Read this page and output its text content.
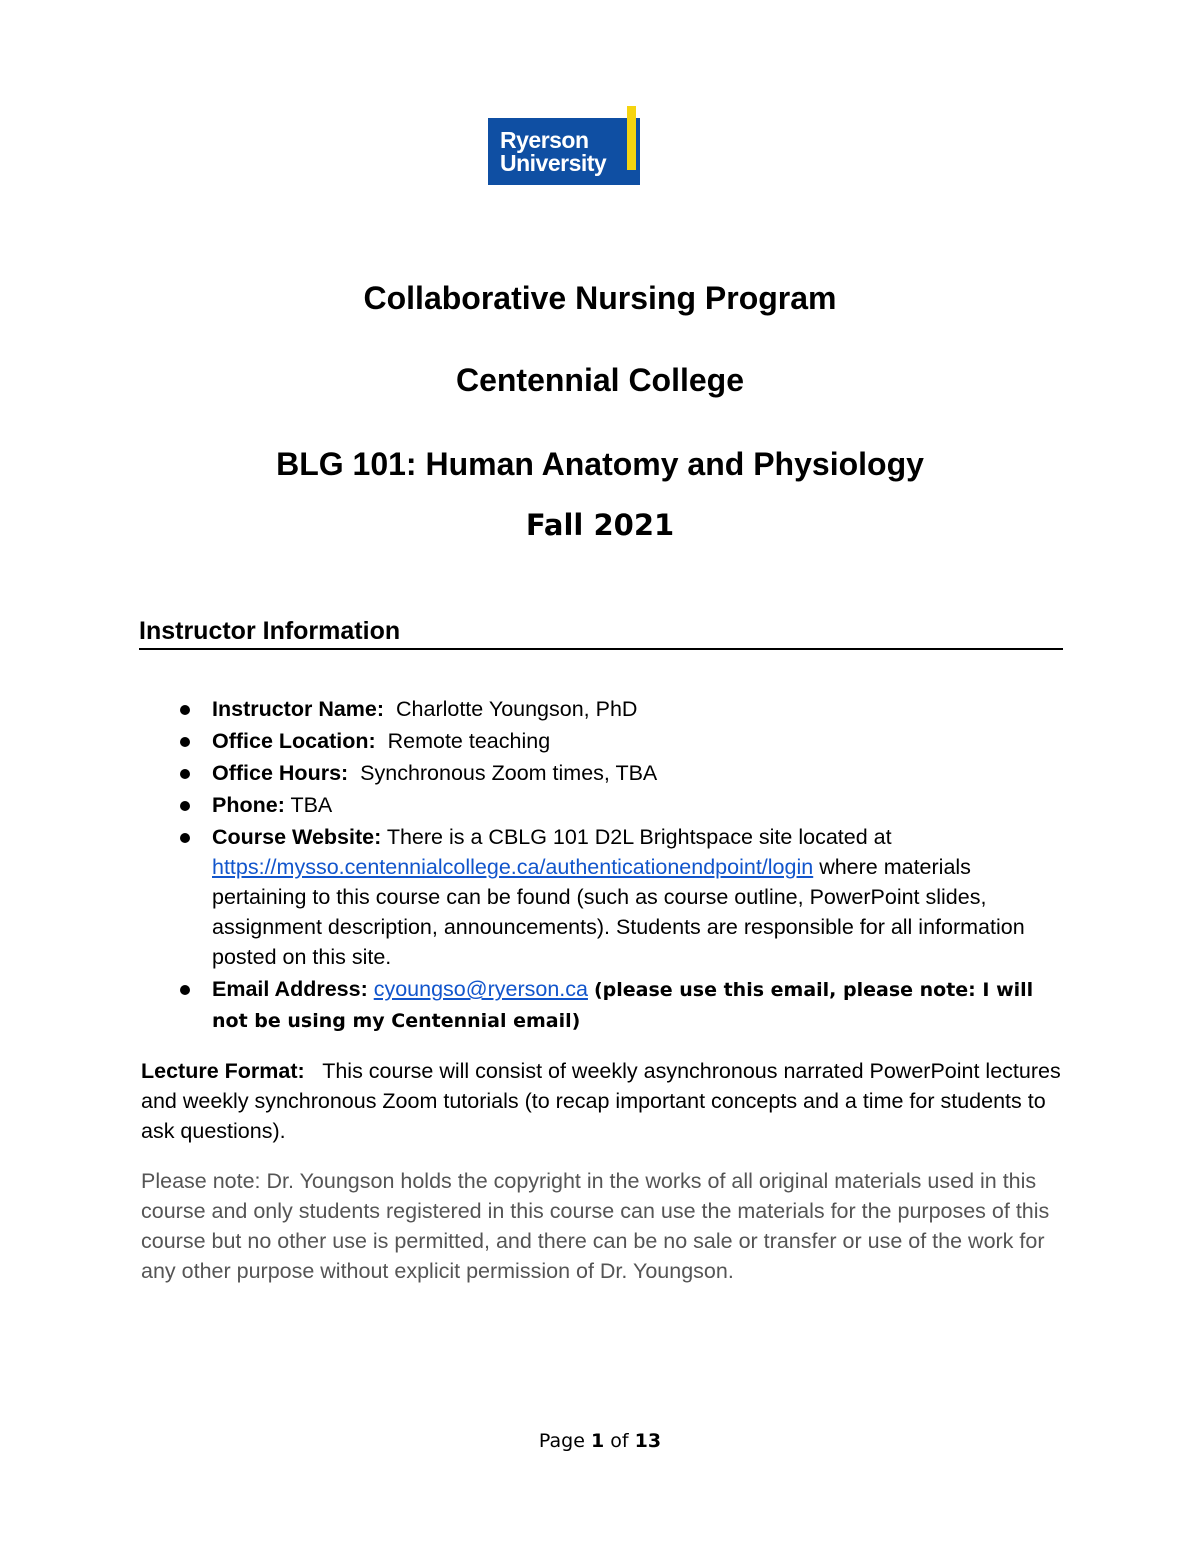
Ryerson
University
Collaborative Nursing Program
Centennial College
BLG 101: Human Anatomy and Physiology
Fall 2021
Instructor Information
Instructor Name: Charlotte Youngson, PhD
Office Location: Remote teaching
Office Hours: Synchronous Zoom times, TBA
Phone: TBA
Course Website: There is a CBLG 101 D2L Brightspace site located at https://mysso.centennialcollege.ca/authenticationendpoint/login where materials pertaining to this course can be found (such as course outline, PowerPoint slides, assignment description, announcements). Students are responsible for all information posted on this site.
Email Address: cyoungso@ryerson.ca (please use this email, please note: I will not be using my Centennial email)

Lecture Format: This course will consist of weekly asynchronous narrated PowerPoint lectures and weekly synchronous Zoom tutorials (to recap important concepts and a time for students to ask questions).

Please note: Dr. Youngson holds the copyright in the works of all original materials used in this course and only students registered in this course can use the materials for the purposes of this course but no other use is permitted, and there can be no sale or transfer or use of the work for any other purpose without explicit permission of Dr. Youngson.

Page 1 of 13
